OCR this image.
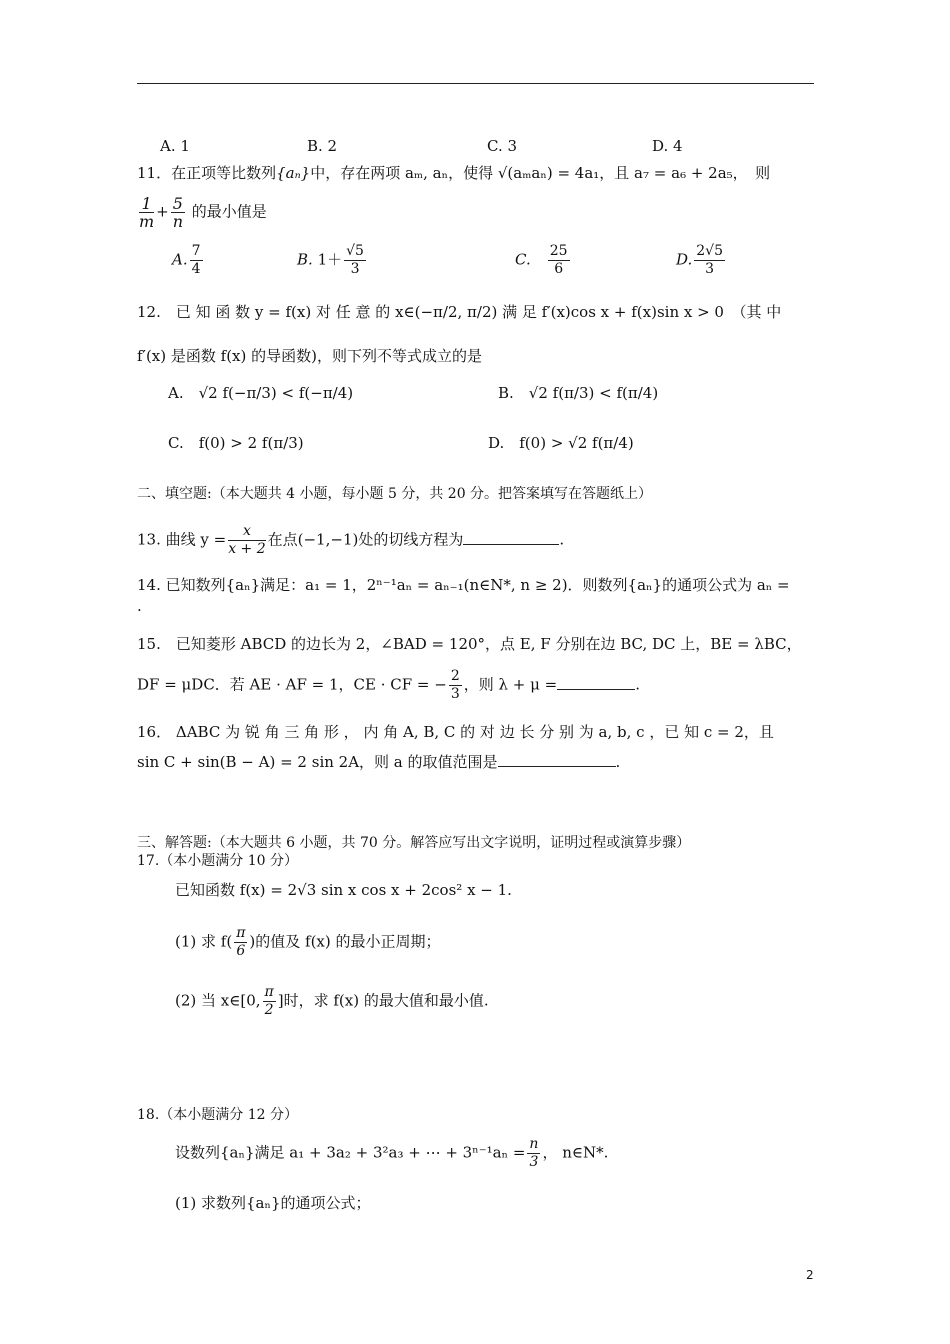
A. 1	B. 2	C. 3	D. 4
11．在正项等比数列{aₙ}中，存在两项 aₘ, aₙ，使得 √(aₘaₙ) = 4a₁，且 a₇ = a₆ + 2a₅，　则
$\frac{1}{m} + \frac{5}{n}$ 的最小值是
A. $\frac{7}{4}$	B. $1+ \frac{√5}{3}$	C.　 $\frac{25}{6}$	D. $\frac{2√5}{3}$
12.　已 知 函 数 y = f(x) 对 任 意 的 x∈(−π/2, π/2) 满 足 f′(x)cos x + f(x)sin x > 0　（其 中
f′(x) 是函数 f(x) 的导函数)，则下列不等式成立的是
A.　√2 f(−π/3) < f(−π/4)	B.　√2 f(π/3) < f(π/4)
C.　f(0) > 2 f(π/3)	D.　f(0) > √2 f(π/4)
二、填空题:（本大题共 4 小题，每小题 5 分，共 20 分。把答案填写在答题纸上）
13. 曲线 $y = \frac{x}{x + 2}$ 在点(−1,−1)处的切线方程为	.
14. 已知数列{aₙ}满足：a₁ = 1，2ⁿ⁻¹aₙ = aₙ₋₁(n∈N*, n ≥ 2)．则数列{aₙ}的通项公式为 aₙ =
.
15.　已知菱形 ABCD 的边长为 2，∠BAD = 120°，点 E, F 分别在边 BC, DC 上，BE = λBC，
DF = μDC．若 AE · AF = 1，CE · CF = − $\frac{2}{3}$ ，则 λ + μ =	.
16． ΔABC 为 锐 角 三 角 形 ， 内 角 A, B, C 的 对 边 长 分 别 为 a, b, c ，已 知 c = 2，且
sin C + sin(B − A) = 2 sin 2A，则 a 的取值范围是	.
三、解答题:（本大题共 6 小题，共 70 分。解答应写出文字说明，证明过程或演算步骤）
17.（本小题满分 10 分）
已知函数 f(x) = 2√3 sin x cos x + 2cos² x − 1.
(1) 求 $f( \frac{\pi}{6}$ )的值及 f(x) 的最小正周期；
(2) 当 x∈[0, $\frac{\pi}{2}$ ]时，求 f(x) 的最大值和最小值.
18.（本小题满分 12 分）
设数列{aₙ}满足 a₁ + 3a₂ + 3²a₃ + ⋯ + $3^{n-1}a_n = \frac{n}{3}$ ， n∈N*.
(1) 求数列{aₙ}的通项公式；
2
